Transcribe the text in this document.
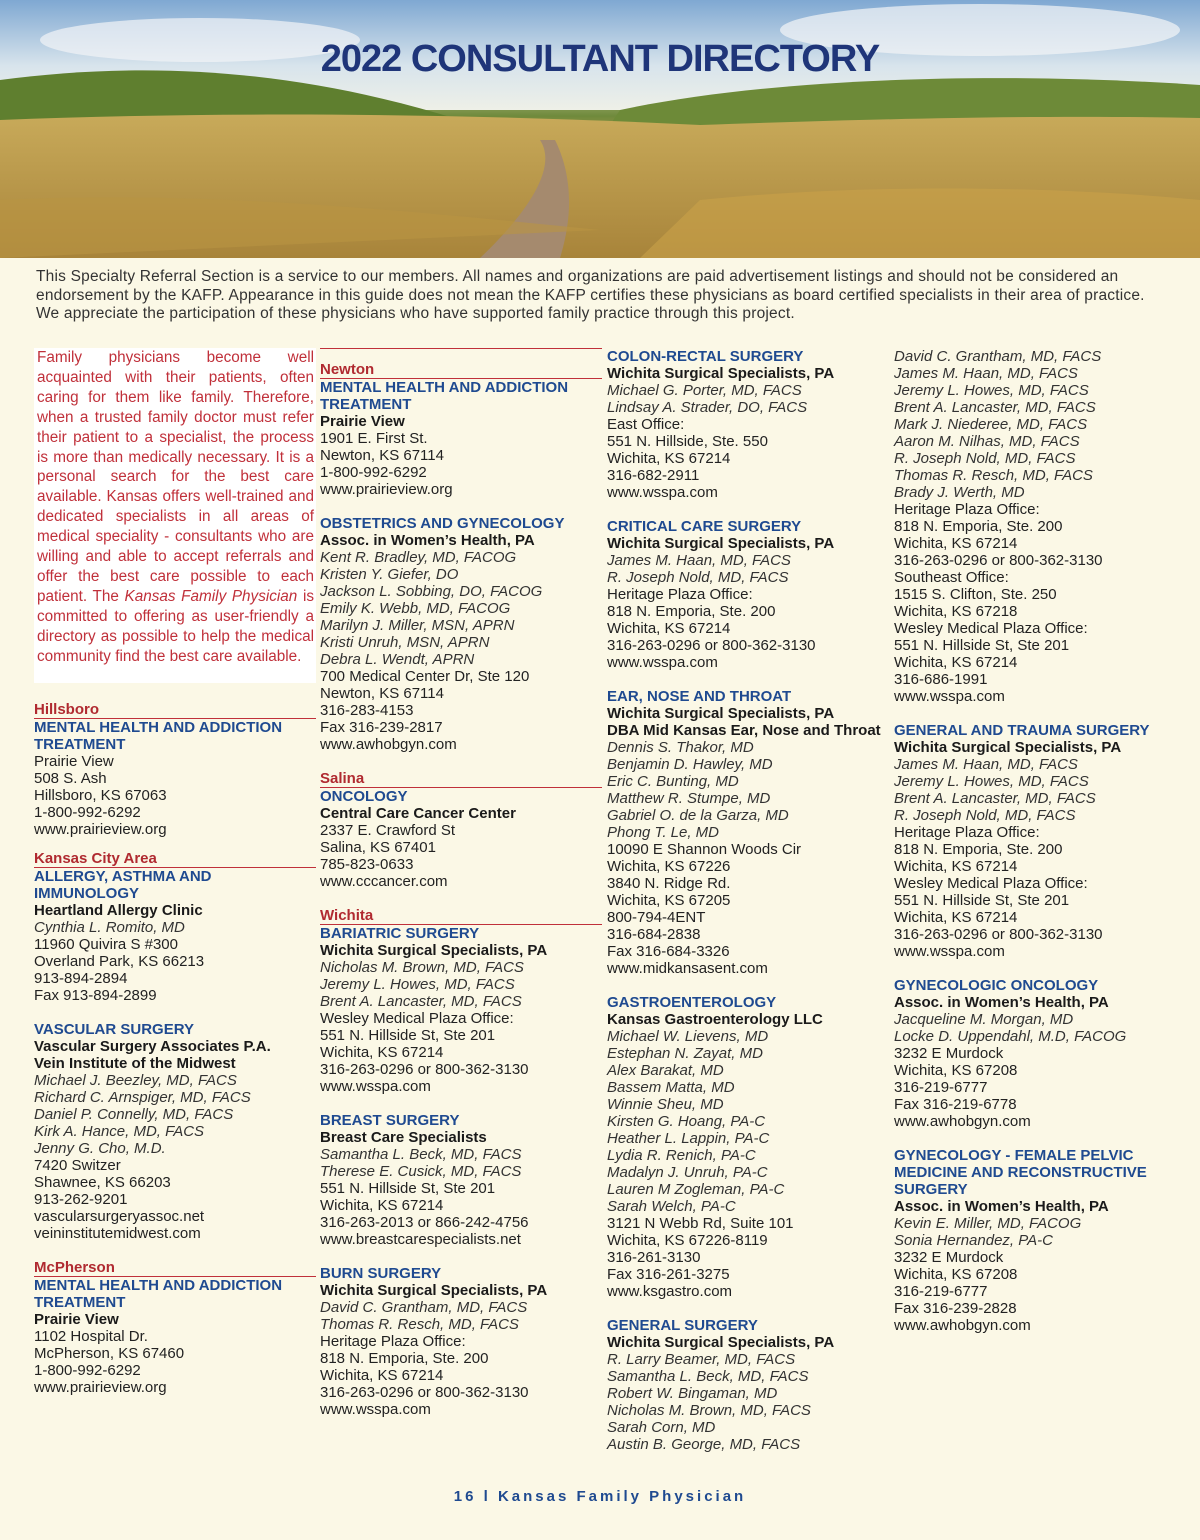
2022 CONSULTANT DIRECTORY
This Specialty Referral Section is a service to our members. All names and organizations are paid advertisement listings and should not be considered an endorsement by the KAFP. Appearance in this guide does not mean the KAFP certifies these physicians as board certified specialists in their area of practice. We appreciate the participation of these physicians who have supported family practice through this project.
Family physicians become well acquainted with their patients, often caring for them like family. Therefore, when a trusted family doctor must refer their patient to a specialist, the process is more than medically necessary. It is a personal search for the best care available. Kansas offers well-trained and dedicated specialists in all areas of medical speciality - consultants who are willing and able to accept referrals and offer the best care possible to each patient. The Kansas Family Physician is committed to offering as user-friendly a directory as possible to help the medical community find the best care available.
Hillsboro
MENTAL HEALTH AND ADDICTION TREATMENT
Prairie View
508 S. Ash
Hillsboro, KS 67063
1-800-992-6292
www.prairieview.org
Kansas City Area
ALLERGY, ASTHMA AND IMMUNOLOGY
Heartland Allergy Clinic
Cynthia L. Romito, MD
11960 Quivira S #300
Overland Park, KS 66213
913-894-2894
Fax 913-894-2899
VASCULAR SURGERY
Vascular Surgery Associates P.A.
Vein Institute of the Midwest
Michael J. Beezley, MD, FACS
Richard C. Arnspiger, MD, FACS
Daniel P. Connelly, MD, FACS
Kirk A. Hance, MD, FACS
Jenny G. Cho, M.D.
7420 Switzer
Shawnee, KS 66203
913-262-9201
vascularsurgeryassoc.net
veininstitutemidwest.com
McPherson
MENTAL HEALTH AND ADDICTION TREATMENT
Prairie View
1102 Hospital Dr.
McPherson, KS 67460
1-800-992-6292
www.prairieview.org
Newton
MENTAL HEALTH AND ADDICTION TREATMENT
Prairie View
1901 E. First St.
Newton, KS 67114
1-800-992-6292
www.prairieview.org
OBSTETRICS AND GYNECOLOGY
Assoc. in Women’s Health, PA
Kent R. Bradley, MD, FACOG
Kristen Y. Giefer, DO
Jackson L. Sobbing, DO, FACOG
Emily K. Webb, MD, FACOG
Marilyn J. Miller, MSN, APRN
Kristi Unruh, MSN, APRN
Debra L. Wendt, APRN
700 Medical Center Dr, Ste 120
Newton, KS 67114
316-283-4153
Fax 316-239-2817
www.awhobgyn.com
Salina
ONCOLOGY
Central Care Cancer Center
2337 E. Crawford St
Salina, KS 67401
785-823-0633
www.cccancer.com
Wichita
BARIATRIC SURGERY
Wichita Surgical Specialists, PA
Nicholas M. Brown, MD, FACS
Jeremy L. Howes, MD, FACS
Brent A. Lancaster, MD, FACS
Wesley Medical Plaza Office:
551 N. Hillside St, Ste 201
Wichita, KS 67214
316-263-0296 or 800-362-3130
www.wsspa.com
BREAST SURGERY
Breast Care Specialists
Samantha L. Beck, MD, FACS
Therese E. Cusick, MD, FACS
551 N. Hillside St, Ste 201
Wichita, KS 67214
316-263-2013 or 866-242-4756
www.breastcarespecialists.net
BURN SURGERY
Wichita Surgical Specialists, PA
David C. Grantham, MD, FACS
Thomas R. Resch, MD, FACS
Heritage Plaza Office:
818 N. Emporia, Ste. 200
Wichita, KS 67214
316-263-0296 or 800-362-3130
www.wsspa.com
COLON-RECTAL SURGERY
Wichita Surgical Specialists, PA
Michael G. Porter, MD, FACS
Lindsay A. Strader, DO, FACS
East Office:
551 N. Hillside, Ste. 550
Wichita, KS 67214
316-682-2911
www.wsspa.com
CRITICAL CARE SURGERY
Wichita Surgical Specialists, PA
James M. Haan, MD, FACS
R. Joseph Nold, MD, FACS
Heritage Plaza Office:
818 N. Emporia, Ste. 200
Wichita, KS 67214
316-263-0296 or 800-362-3130
www.wsspa.com
EAR, NOSE AND THROAT
Wichita Surgical Specialists, PA
DBA Mid Kansas Ear, Nose and Throat
Dennis S. Thakor, MD
Benjamin D. Hawley, MD
Eric C. Bunting, MD
Matthew R. Stumpe, MD
Gabriel O. de la Garza, MD
Phong T. Le, MD
10090 E Shannon Woods Cir
Wichita, KS 67226
3840 N. Ridge Rd.
Wichita, KS 67205
800-794-4ENT
316-684-2838
Fax 316-684-3326
www.midkansasent.com
GASTROENTEROLOGY
Kansas Gastroenterology LLC
Michael W. Lievens, MD
Estephan N. Zayat, MD
Alex Barakat, MD
Bassem Matta, MD
Winnie Sheu, MD
Kirsten G. Hoang, PA-C
Heather L. Lappin, PA-C
Lydia R. Renich, PA-C
Madalyn J. Unruh, PA-C
Lauren M Zogleman, PA-C
Sarah Welch, PA-C
3121 N Webb Rd, Suite 101
Wichita, KS 67226-8119
316-261-3130
Fax 316-261-3275
www.ksgastro.com
GENERAL SURGERY
Wichita Surgical Specialists, PA
R. Larry Beamer, MD, FACS
Samantha L. Beck, MD, FACS
Robert W. Bingaman, MD
Nicholas M. Brown, MD, FACS
Sarah Corn, MD
Austin B. George, MD, FACS
David C. Grantham, MD, FACS
James M. Haan, MD, FACS
Jeremy L. Howes, MD, FACS
Brent A. Lancaster, MD, FACS
Mark J. Niederee, MD, FACS
Aaron M. Nilhas, MD, FACS
R. Joseph Nold, MD, FACS
Thomas R. Resch, MD, FACS
Brady J. Werth, MD
Heritage Plaza Office:
818 N. Emporia, Ste. 200
Wichita, KS 67214
316-263-0296 or 800-362-3130
Southeast Office:
1515 S. Clifton, Ste. 250
Wichita, KS 67218
Wesley Medical Plaza Office:
551 N. Hillside St, Ste 201
Wichita, KS 67214
316-686-1991
www.wsspa.com
GENERAL AND TRAUMA SURGERY
Wichita Surgical Specialists, PA
James M. Haan, MD, FACS
Jeremy L. Howes, MD, FACS
Brent A. Lancaster, MD, FACS
R. Joseph Nold, MD, FACS
Heritage Plaza Office:
818 N. Emporia, Ste. 200
Wichita, KS 67214
Wesley Medical Plaza Office:
551 N. Hillside St, Ste 201
Wichita, KS 67214
316-263-0296 or 800-362-3130
www.wsspa.com
GYNECOLOGIC ONCOLOGY
Assoc. in Women’s Health, PA
Jacqueline M. Morgan, MD
Locke D. Uppendahl, M.D, FACOG
3232 E Murdock
Wichita, KS 67208
316-219-6777
Fax 316-219-6778
www.awhobgyn.com
GYNECOLOGY - FEMALE PELVIC MEDICINE AND RECONSTRUCTIVE SURGERY
Assoc. in Women’s Health, PA
Kevin E. Miller, MD, FACOG
Sonia Hernandez, PA-C
3232 E Murdock
Wichita, KS 67208
316-219-6777
Fax 316-239-2828
www.awhobgyn.com
16 l Kansas Family Physician
